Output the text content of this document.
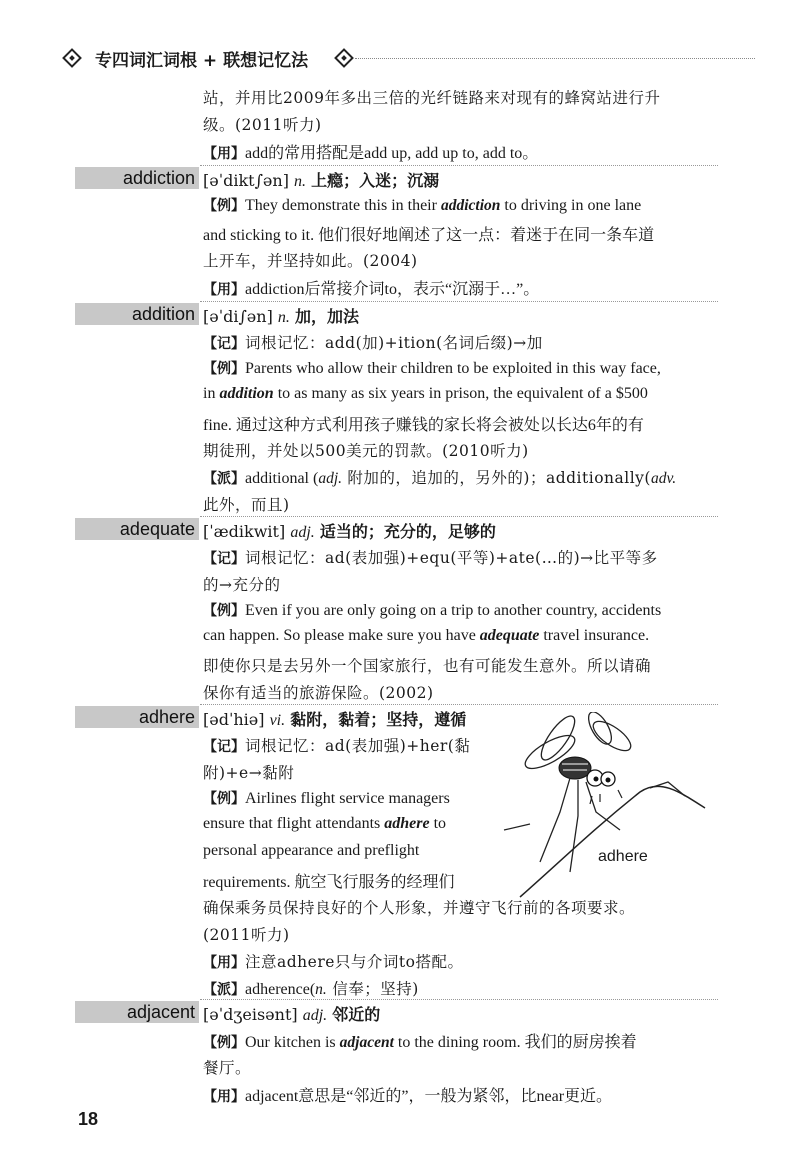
专四词汇词根 + 联想记忆法
站，并用比2009年多出三倍的光纤链路来对现有的蜂窝站进行升
级。(2011听力)
【用】add的常用搭配是add up, add up to, add to。
addiction [əˈdikt∫ən] n. 上瘾；入迷；沉溺
【例】They demonstrate this in their addiction to driving in one lane
and sticking to it. 他们很好地阐述了这一点：着迷于在同一条车道
上开车，并坚持如此。(2004)
【用】addiction后常接介词to，表示“沉溺于…”。
addition [əˈdi∫ən] n. 加，加法
【记】词根记忆：add(加)+ition(名词后缀)→加
【例】Parents who allow their children to be exploited in this way face,
in addition to as many as six years in prison, the equivalent of a $500
fine. 通过这种方式利用孩子赚钱的家长将会被处以长达6年的有
期徒刑，并处以500美元的罚款。(2010听力)
【派】additional (adj. 附加的，追加的，另外的)；additionally(adv.
此外，而且)
adequate [ˈædikwit] adj. 适当的；充分的，足够的
【记】词根记忆：ad(表加强)+equ(平等)+ate(…的)→比平等多
的→充分的
【例】Even if you are only going on a trip to another country, accidents
can happen. So please make sure you have adequate travel insurance.
即使你只是去另外一个国家旅行，也有可能发生意外。所以请确
保你有适当的旅游保险。(2002)
adhere [ədˈhiə] vi. 黏附，黏着；坚持，遵循
【记】词根记忆：ad(表加强)+her(黏
附)+e→黏附
【例】Airlines flight service managers
ensure that flight attendants adhere to
personal appearance and preflight
requirements. 航空飞行服务的经理们
确保乘务员保持良好的个人形象，并遵守飞行前的各项要求。
(2011听力)
【用】注意adhere只与介词to搭配。
【派】adherence(n. 信奉；坚持)
adhere
adjacent [əˈdʒeisənt] adj. 邻近的
【例】Our kitchen is adjacent to the dining room. 我们的厨房挨着
餐厅。
【用】adjacent意思是“邻近的”，一般为紧邻，比near更近。
18
